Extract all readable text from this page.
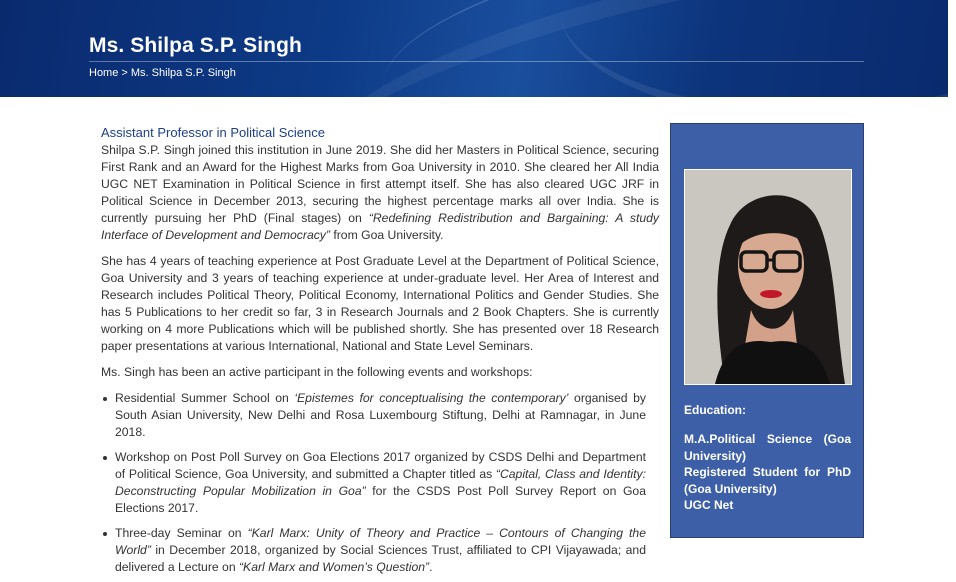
Ms. Shilpa S.P. Singh
Home > Ms. Shilpa S.P. Singh
Assistant Professor in Political Science

Shilpa S.P. Singh joined this institution in June 2019. She did her Masters in Political Science, securing First Rank and an Award for the Highest Marks from Goa University in 2010. She cleared her All India UGC NET Examination in Political Science in first attempt itself. She has also cleared UGC JRF in Political Science in December 2013, securing the highest percentage marks all over India. She is currently pursuing her PhD (Final stages) on “Redefining Redistribution and Bargaining: A study Interface of Development and Democracy” from Goa University.

She has 4 years of teaching experience at Post Graduate Level at the Department of Political Science, Goa University and 3 years of teaching experience at under-graduate level. Her Area of Interest and Research includes Political Theory, Political Economy, International Politics and Gender Studies. She has 5 Publications to her credit so far, 3 in Research Journals and 2 Book Chapters. She is currently working on 4 more Publications which will be published shortly. She has presented over 18 Research paper presentations at various International, National and State Level Seminars.

Ms. Singh has been an active participant in the following events and workshops:

Residential Summer School on ‘Epistemes for conceptualising the contemporary’ organised by South Asian University, New Delhi and Rosa Luxembourg Stiftung, Delhi at Ramnagar, in June 2018.
Workshop on Post Poll Survey on Goa Elections 2017 organized by CSDS Delhi and Department of Political Science, Goa University, and submitted a Chapter titled as “Capital, Class and Identity: Deconstructing Popular Mobilization in Goa” for the CSDS Post Poll Survey Report on Goa Elections 2017.
Three-day Seminar on “Karl Marx: Unity of Theory and Practice – Contours of Changing the World” in December 2018, organized by Social Sciences Trust, affiliated to CPI Vijayawada; and delivered a Lecture on “Karl Marx and Women’s Question”.
Education:
M.A.Political Science (Goa University)
Registered Student for PhD (Goa University)
UGC Net
